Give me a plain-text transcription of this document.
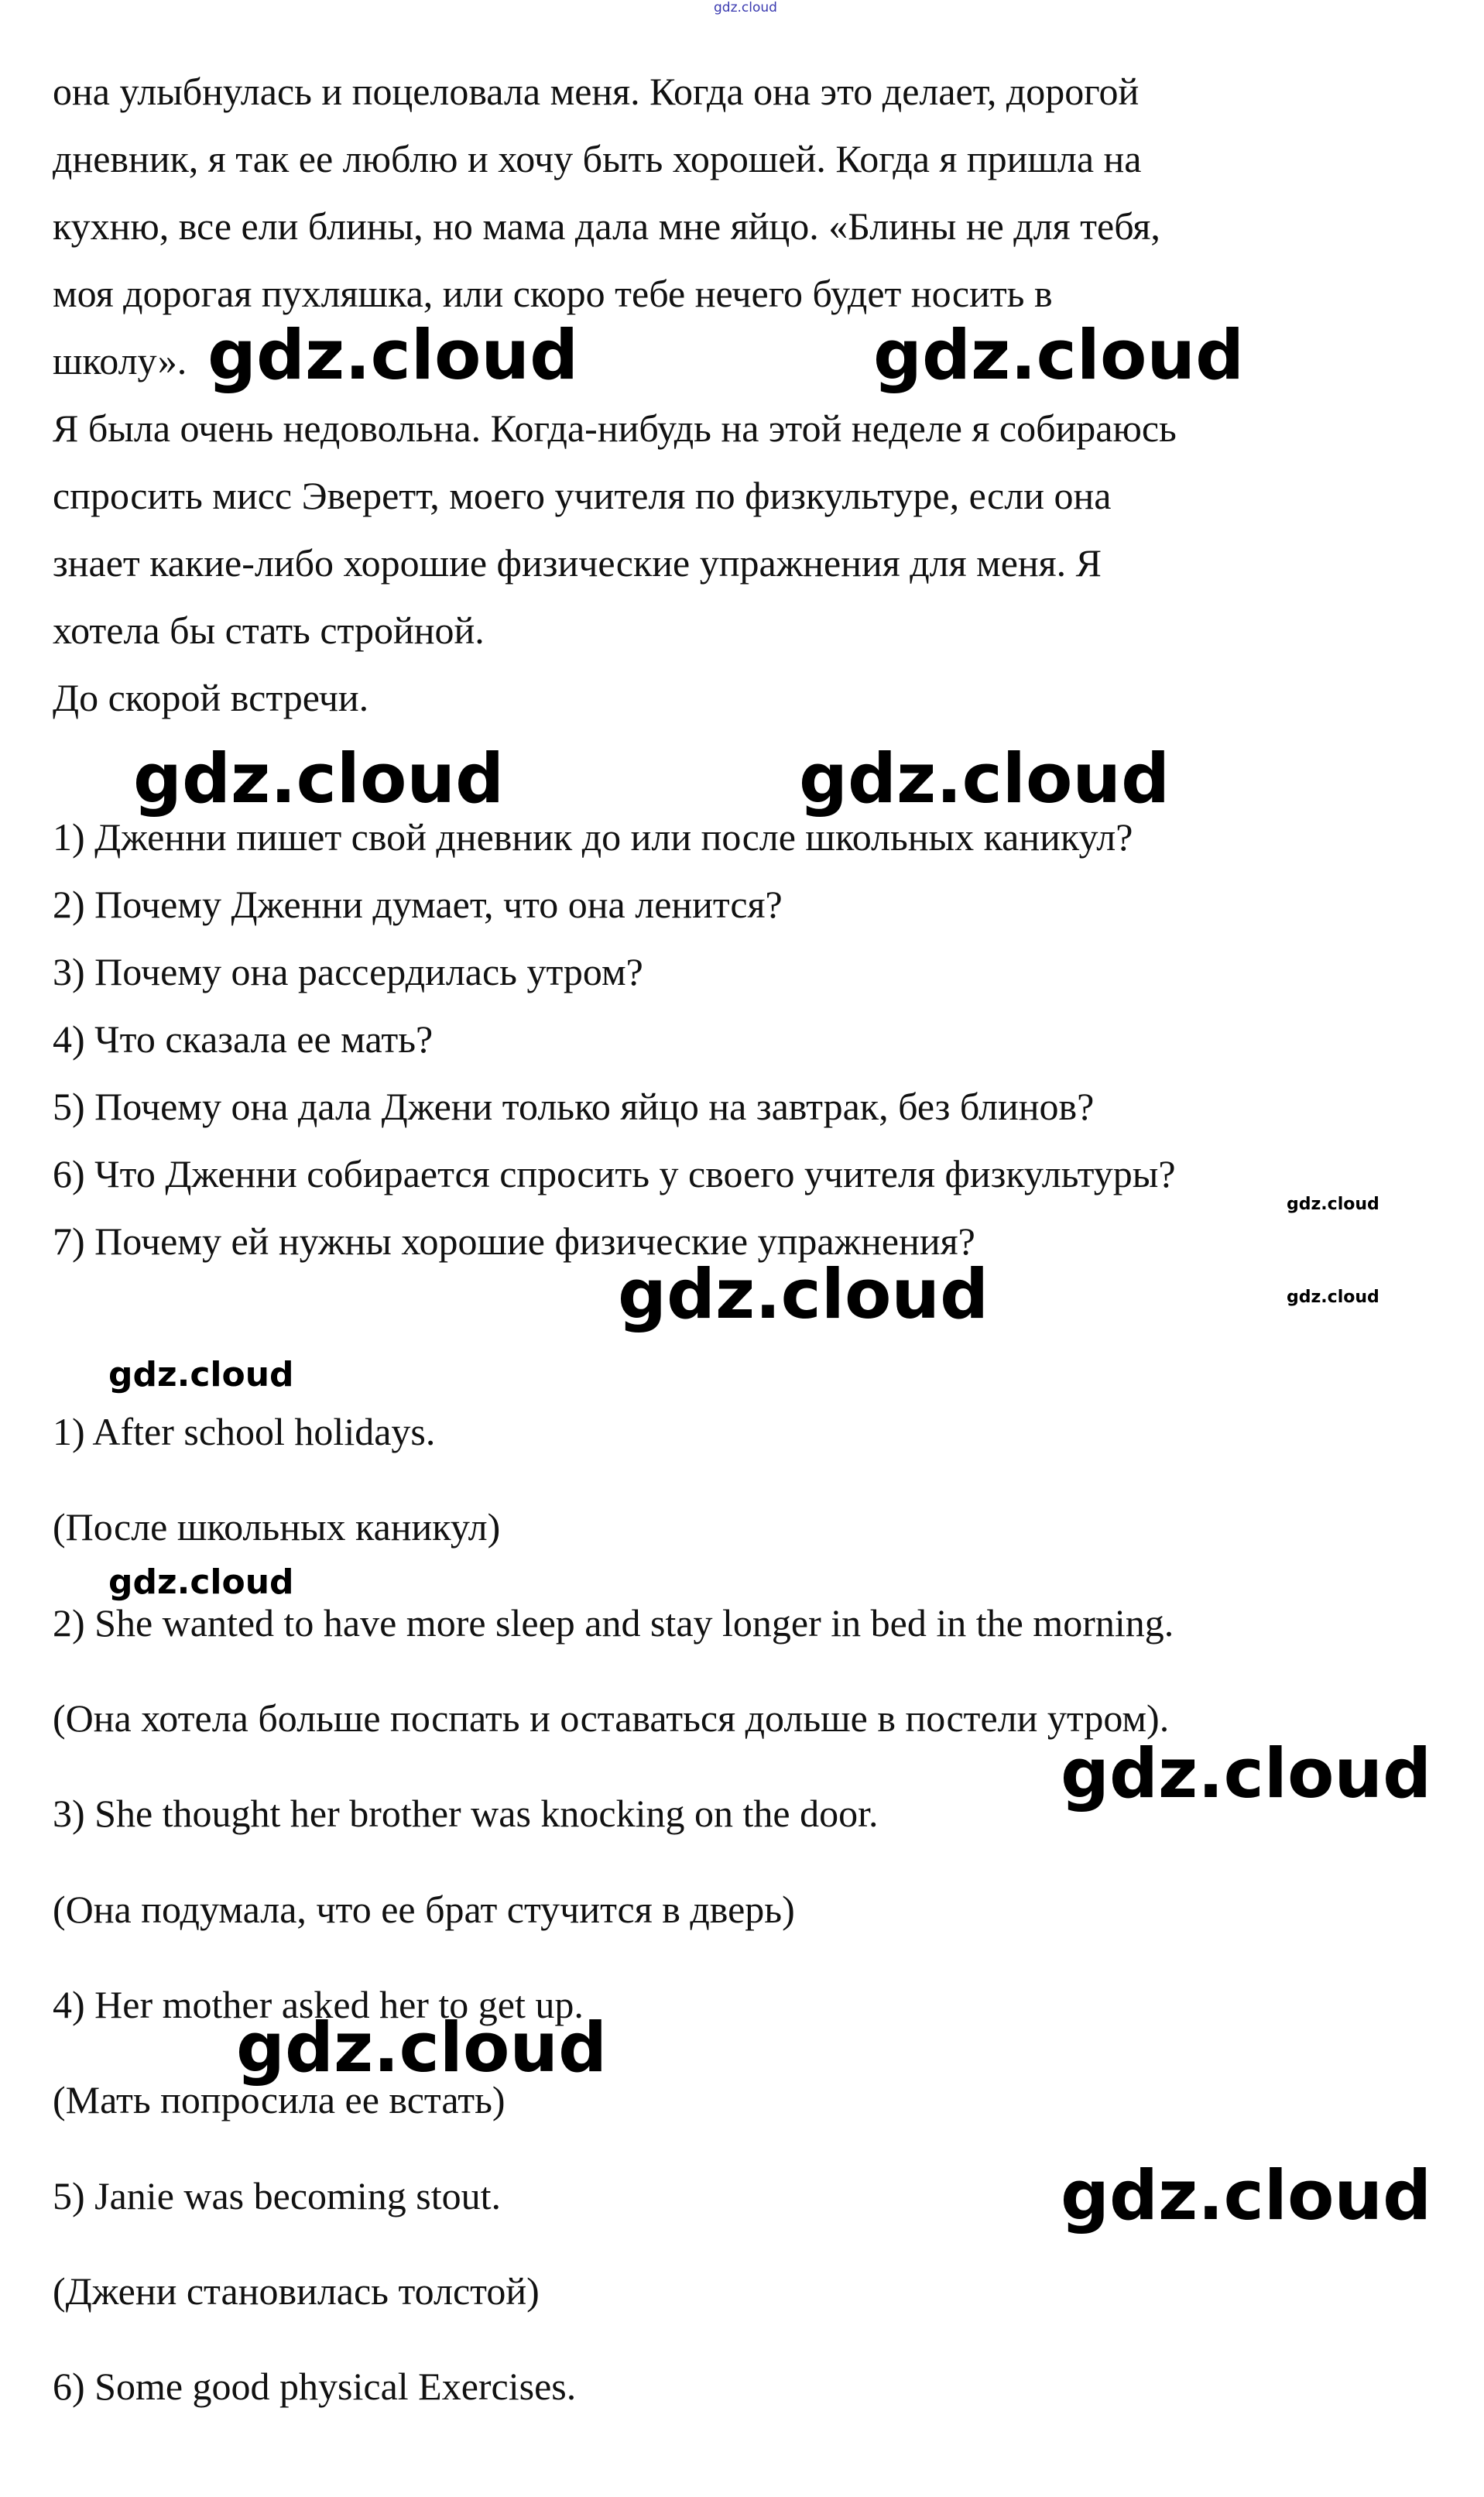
gdz.cloud
она улыбнулась и поцеловала меня. Когда она это делает, дорогой
дневник, я так ее люблю и хочу быть хорошей. Когда я пришла на
кухню, все ели блины, но мама дала мне яйцо. «Блины не для тебя,
моя дорогая пухляшка, или скоро тебе нечего будет носить в
школу».
Я была очень недовольна. Когда-нибудь на этой неделе я собираюсь
спросить мисс Эверетт, моего учителя по физкультуре, если она
знает какие-либо хорошие физические упражнения для меня. Я
хотела бы стать стройной.
До скорой встречи.
1) Дженни пишет свой дневник до или после школьных каникул?
2) Почему Дженни думает, что она ленится?
3) Почему она рассердилась утром?
4) Что сказала ее мать?
5) Почему она дала Джени только яйцо на завтрак, без блинов?
6) Что Дженни собирается спросить у своего учителя физкультуры?
7) Почему ей нужны хорошие физические упражнения?
1) After school holidays.
(После школьных каникул)
2) She wanted to have more sleep and stay longer in bed in the morning.
(Она хотела больше поспать и оставаться дольше в постели утром).
3) She thought her brother was knocking on the door.
(Она подумала, что ее брат стучится в дверь)
4) Her mother asked her to get up.
(Мать попросила ее встать)
5) Janie was becoming stout.
(Джени становилась толстой)
6) Some good physical Exercises.
gdz.cloud	gdz.cloud
gdz.cloud	gdz.cloud
gdz.cloud
gdz.cloud
gdz.cloud
gdz.cloud
gdz.cloud
gdz.cloud
gdz.cloud
gdz.cloud
